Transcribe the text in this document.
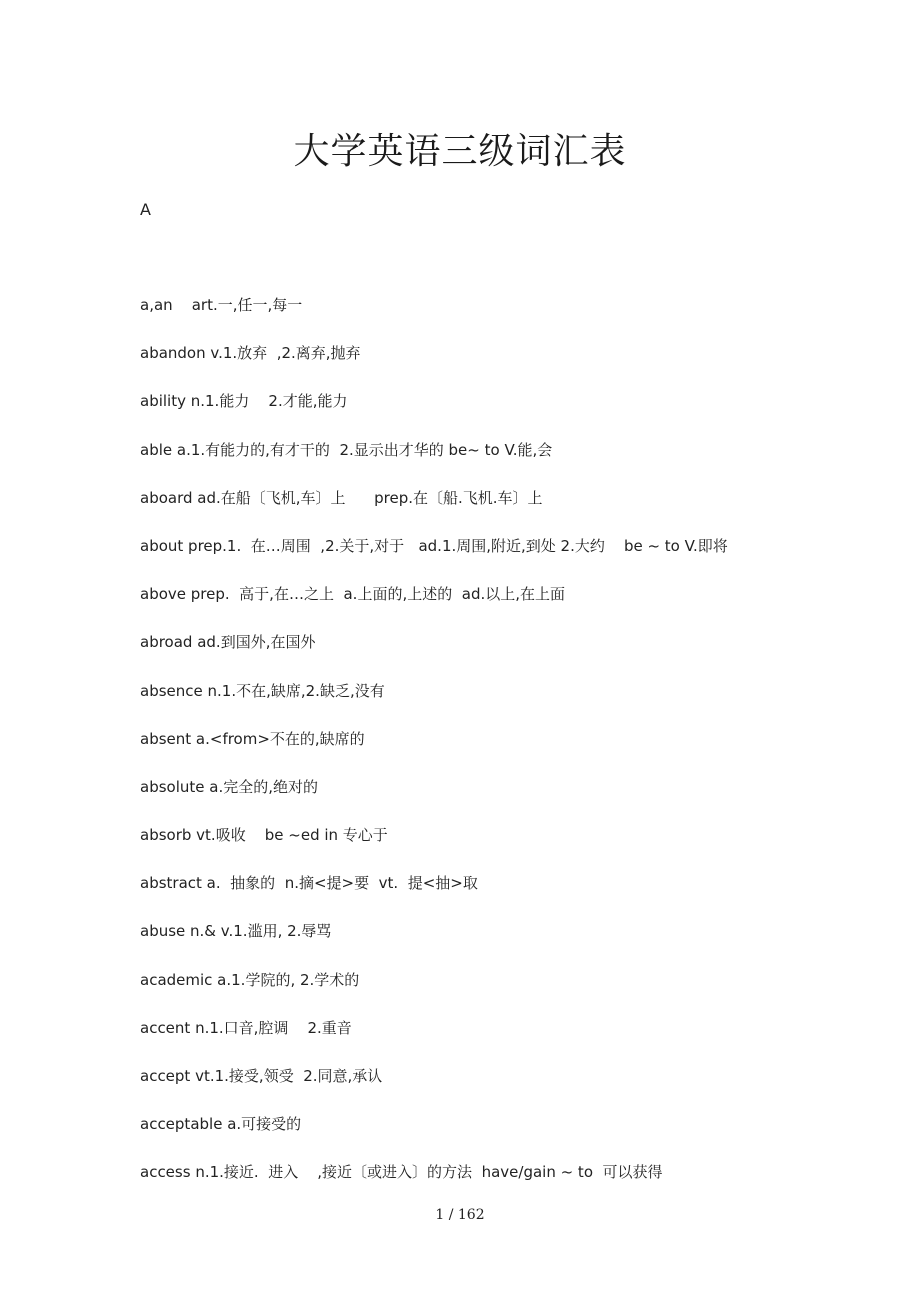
大学英语三级词汇表
A
a,an    art.一,任一,每一
abandon v.1.放弃  ,2.离弃,抛弃
ability n.1.能力    2.才能,能力
able a.1.有能力的,有才干的  2.显示出才华的 be~ to V.能,会
aboard ad.在船〔飞机,车〕上      prep.在〔船.飞机.车〕上
about prep.1.  在…周围  ,2.关于,对于   ad.1.周围,附近,到处 2.大约    be ~ to V.即将
above prep.  高于,在…之上  a.上面的,上述的  ad.以上,在上面
abroad ad.到国外,在国外
absence n.1.不在,缺席,2.缺乏,没有
absent a.<from>不在的,缺席的
absolute a.完全的,绝对的
absorb vt.吸收    be ~ed in 专心于
abstract a.  抽象的  n.摘<提>要  vt.  提<抽>取
abuse n.& v.1.滥用, 2.辱骂
academic a.1.学院的, 2.学术的
accent n.1.口音,腔调    2.重音
accept vt.1.接受,领受  2.同意,承认
acceptable a.可接受的
access n.1.接近.  进入    ,接近〔或进入〕的方法  have/gain ~ to  可以获得
1 / 162
